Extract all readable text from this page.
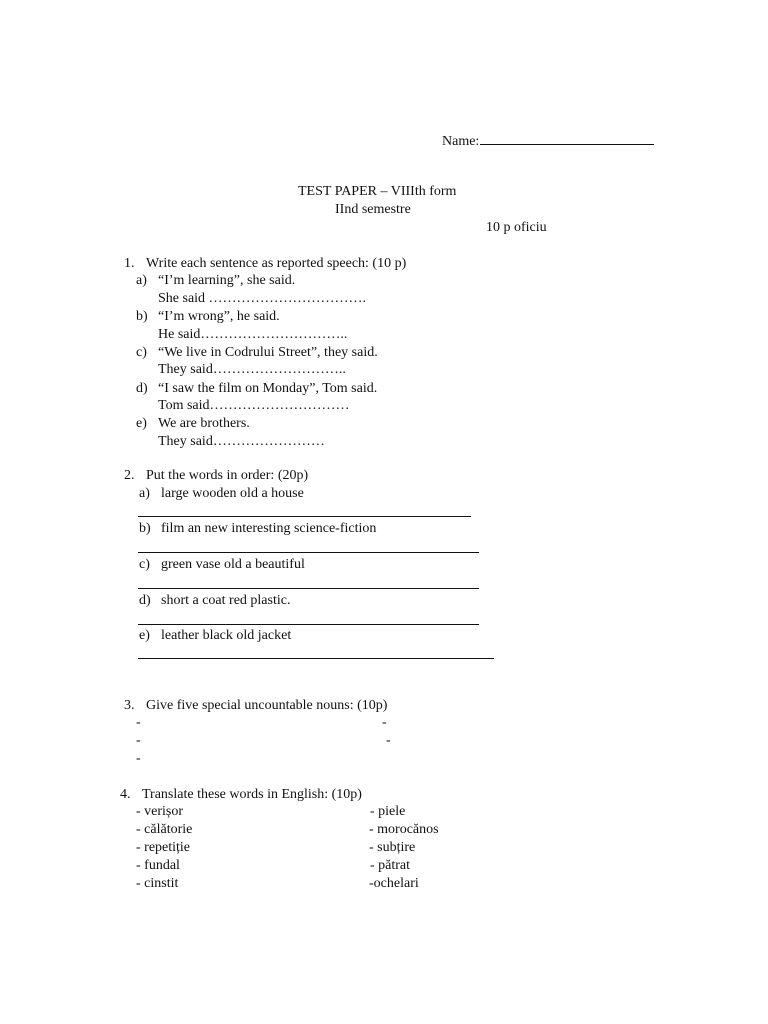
Name:
TEST PAPER – VIIIth form
IInd semestre
10 p oficiu
1. Write each sentence as reported speech: (10 p)
a) “I’m learning”, she said.
She said …………………………….
b) “I’m wrong”, he said.
He said…………………………..
c) “We live in Codrului Street”, they said.
They said………………………..
d) “I saw the film on Monday”, Tom said.
Tom said…………………………
e) We are brothers.
They said……………………
2. Put the words in order: (20p)
a) large wooden old a house
b) film an new interesting science-fiction
c) green vase old a beautiful
d) short a coat red plastic.
e) leather black old jacket
3. Give five special uncountable nouns: (10p)
-	-
-	-
-
4. Translate these words in English: (10p)
- verișor	- piele
- călătorie	- morocănos
- repetiție	- subțire
- fundal	- pătrat
- cinstit	-ochelari
